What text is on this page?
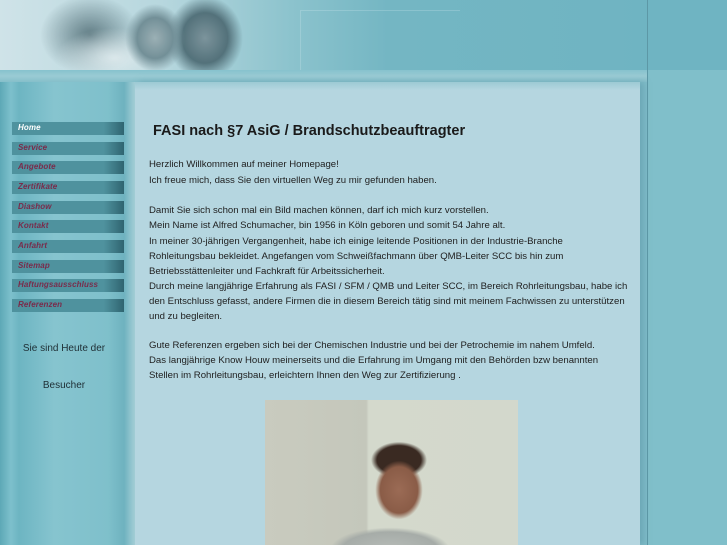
Home
Service
Angebote
Zertifikate
Diashow
Kontakt
Anfahrt
Sitemap
Haftungsausschluss
Referenzen
Sie sind Heute der
Besucher
FASI nach §7 AsiG / Brandschutzbeauftragter

Herzlich Willkommen auf meiner Homepage!

Ich freue mich, dass Sie den virtuellen Weg zu mir gefunden haben.

Damit Sie sich schon mal ein Bild machen können, darf ich mich kurz vorstellen.

Mein Name ist Alfred Schumacher, bin 1956 in Köln geboren und somit 54 Jahre alt.

In meiner 30-jährigen Vergangenheit, habe ich einige leitende Positionen in der Industrie-Branche Rohleitungsbau bekleidet. Angefangen vom Schweißfachmann über QMB-Leiter SCC bis hin zum Betriebsstättenleiter und Fachkraft für Arbeitssicherheit.

Durch meine langjährige Erfahrung als FASI / SFM / QMB und Leiter SCC, im Bereich Rohrleitungsbau, habe ich den Entschluss gefasst, andere Firmen die in diesem Bereich tätig sind mit meinem Fachwissen zu unterstützen und zu begleiten.

Gute Referenzen ergeben sich bei der Chemischen Industrie und bei der Petrochemie im nahem Umfeld.

Das langjährige Know Houw meinerseits und die Erfahrung im Umgang mit den Behörden bzw benannten Stellen im Rohrleitungsbau, erleichtern Ihnen den Weg zur Zertifizierung .
